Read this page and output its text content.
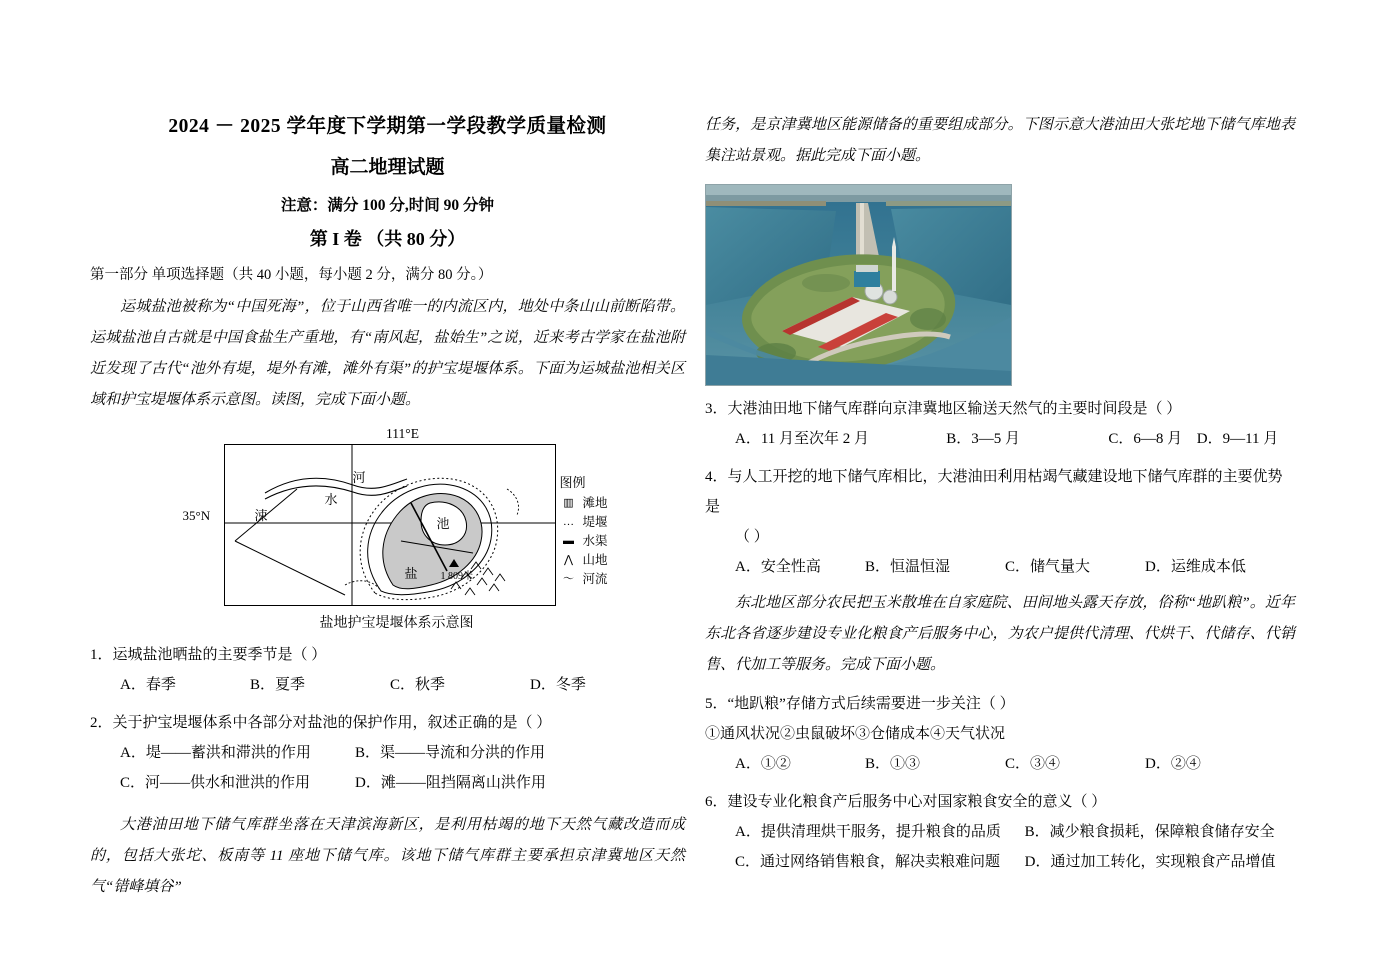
2024 － 2025 学年度下学期第一学段教学质量检测
高二地理试题
注意：满分 100 分,时间 90 分钟
第 I 卷 （共 80 分）
第一部分 单项选择题（共 40 小题，每小题 2 分，满分 80 分。）

运城盐池被称为“中国死海”，位于山西省唯一的内流区内，地处中条山山前断陷带。运城盐池自古就是中国食盐生产重地，有“南风起，盐始生”之说，近来考古学家在盐池附近发现了古代“池外有堤，堤外有滩，滩外有渠”的护宝堤堰体系。下面为运城盐池相关区域和护宝堤堰体系示意图。读图，完成下面小题。

111°E
35°N
河
水
涑
池
盐 1 809米
图例
▥ 滩地
… 堤堰
▬ 水渠
⋀ 山地
〜 河流
盐地护宝堤堰体系示意图
1．运城盐池晒盐的主要季节是（ ）
A．春季	B．夏季	C．秋季	D．冬季
2．关于护宝堤堰体系中各部分对盐池的保护作用，叙述正确的是（ ）
A．堤——蓄洪和滞洪的作用	B．渠——导流和分洪的作用
C．河——供水和泄洪的作用	D．滩——阻挡隔离山洪作用

大港油田地下储气库群坐落在天津滨海新区，是利用枯竭的地下天然气藏改造而成的，包括大张坨、板南等 11 座地下储气库。该地下储气库群主要承担京津冀地区天然气“错峰填谷”

任务，是京津冀地区能源储备的重要组成部分。下图示意大港油田大张坨地下储气库地表集注站景观。据此完成下面小题。

3．大港油田地下储气库群向京津冀地区输送天然气的主要时间段是（ ）
A．11 月至次年 2 月	B．3—5 月	C．6—8 月 D．9—11 月
4．与人工开挖的地下储气库相比，大港油田利用枯竭气藏建设地下储气库群的主要优势是
（ ）
A．安全性高	B．恒温恒湿	C．储气量大	D．运维成本低

东北地区部分农民把玉米散堆在自家庭院、田间地头露天存放，俗称“地趴粮”。近年东北各省逐步建设专业化粮食产后服务中心，为农户提供代清理、代烘干、代储存、代销售、代加工等服务。完成下面小题。

5．“地趴粮”存储方式后续需要进一步关注（ ）
①通风状况②虫鼠破坏③仓储成本④天气状况
A．①②	B．①③	C．③④	D．②④
6．建设专业化粮食产后服务中心对国家粮食安全的意义（ ）
A．提供清理烘干服务，提升粮食的品质	B．减少粮食损耗，保障粮食储存安全
C．通过网络销售粮食，解决卖粮难问题	D．通过加工转化，实现粮食产品增值
